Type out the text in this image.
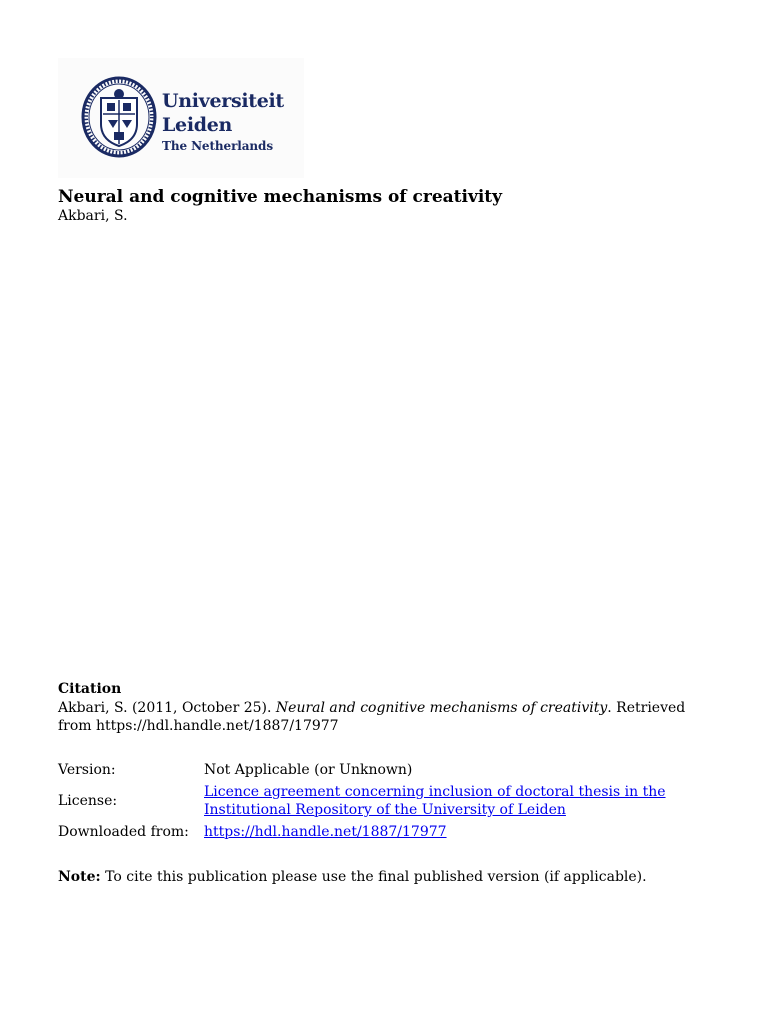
Universiteit
Leiden
The Netherlands
Neural and cognitive mechanisms of creativity
Akbari, S.
Citation
Akbari, S. (2011, October 25). Neural and cognitive mechanisms of creativity. Retrieved from https://hdl.handle.net/1887/17977
Version:	Not Applicable (or Unknown)
License:
Licence agreement concerning inclusion of doctoral thesis in the Institutional Repository of the University of Leiden
Downloaded from: https://hdl.handle.net/1887/17977
Note: To cite this publication please use the final published version (if applicable).
